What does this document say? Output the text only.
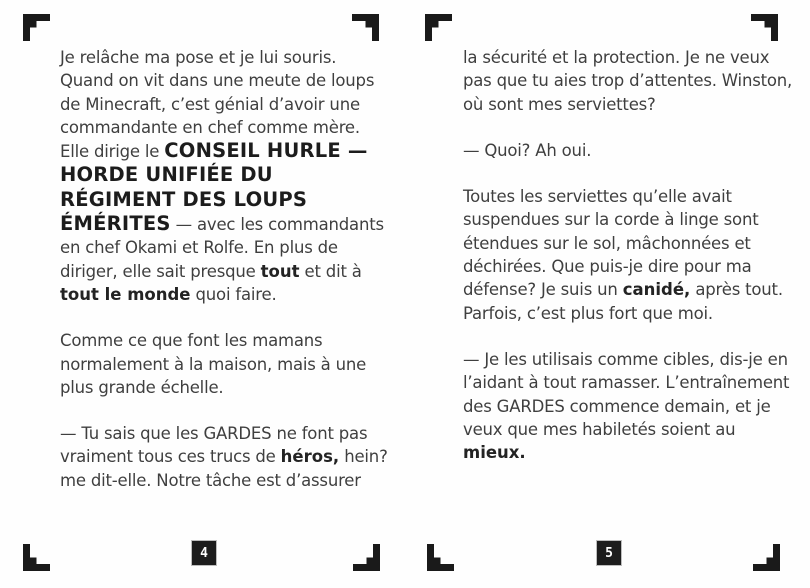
Je relâche ma pose et je lui souris. Quand on vit dans une meute de loups de Minecraft, c’est génial d’avoir une commandante en chef comme mère. Elle dirige le CONSEIL HURLE — HORDE UNIFIÉE DU RÉGIMENT DES LOUPS ÉMÉRITES — avec les commandants en chef Okami et Rolfe. En plus de diriger, elle sait presque tout et dit à tout le monde quoi faire.

Comme ce que font les mamans normalement à la maison, mais à une plus grande échelle.

— Tu sais que les GARDES ne font pas vraiment tous ces trucs de héros, hein? me dit-elle. Notre tâche est d’assurer

la sécurité et la protection. Je ne veux pas que tu aies trop d’attentes. Winston, où sont mes serviettes?

— Quoi? Ah oui.

Toutes les serviettes qu’elle avait suspendues sur la corde à linge sont étendues sur le sol, mâchonnées et déchirées. Que puis-je dire pour ma défense? Je suis un canidé, après tout. Parfois, c’est plus fort que moi.

— Je les utilisais comme cibles, dis-je en l’aidant à tout ramasser. L’entraînement des GARDES commence demain, et je veux que mes habiletés soient au mieux.

4	5
